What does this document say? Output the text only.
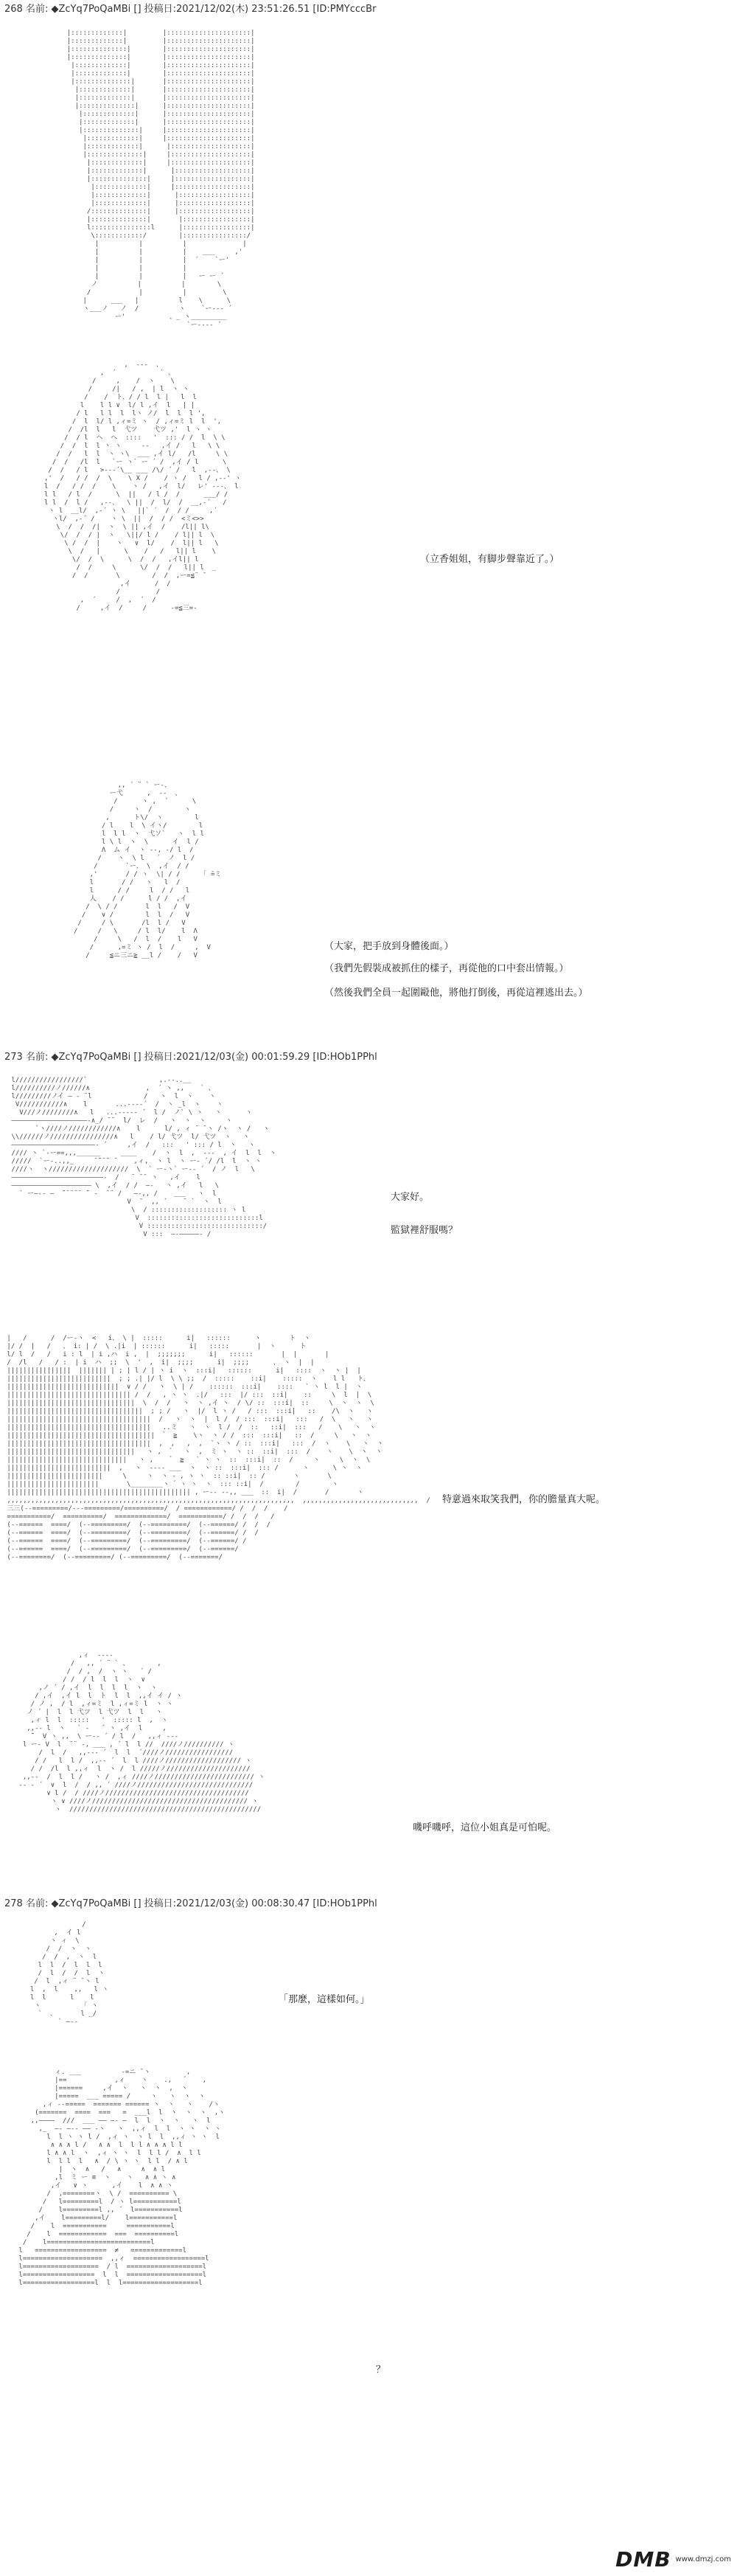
268 名前: ◆ZcYq7PoQaMBi [] 投稿日:2021/12/02(木) 23:51:26.51 [ID:PMYcccBr
|:::::::::::::|         |:::::::::::::::::::::|
|:::::::::::::|         |:::::::::::::::::::::|
|::::::::::::::|        |:::::::::::::::::::::|
|::::::::::::::|        |:::::::::::::::::::::|
|:::::::::::::|        |:::::::::::::::::::::|
|:::::::::::::|        |:::::::::::::::::::::|
|::::::::::::::|       |:::::::::::::::::::::|
|:::::::::::::|       |:::::::::::::::::::::|
|:::::::::::::|       |:::::::::::::::::::::|
|::::::::::::::|      |:::::::::::::::::::::|
|:::::::::::::|      |:::::::::::::::::::::|
|:::::::::::::|      |:::::::::::::::::::::|
|::::::::::::::|     |:::::::::::::::::::::|
|:::::::::::::|     |:::::::::::::::::::::|
|:::::::::::::|      |::::::::::::::::::::|
|::::::::::::::|     |::::::::::::::::::::|
|:::::::::::::|     |::::::::::::::::::::|
|:::::::::::::|      |:::::::::::::::::::|
|::::::::::::::|     |:::::::::::::::::::|
|:::::::::::::|     |:::::::::::::::::::|
|:::::::::::::|      |::::::::::::::::::|
|:::::::::::::|      |::::::::::::::::::|
/::::::::::::::|      |::::::::::::::::::|
|::::::::::::::|       |:::::::::::::::::|
l:::::::::::::::l      |:::::::::::::::::|
\::::::::::::/        |::::::::::::::::/
|          |          |              |
|          |          |    ___     ,'
|          |          |  ´    `ー'
|          |          |
|          |          |   ー ー ´
ノ          |          |        \
/            |          |         \
|      ___   |          l    \      \
ヽ___ノ   ノ  /          ヽ    `ー--- ´
ー'           、_ ヽ_________
`ー---- ´

,  ---  、
,  ´           ` 、
/     ,    /  ヽ    \
/     /|   / ,  | l  ヽ ヽ
/    /  ト、/ / l  l |   l  l
l    l l ∨  l/ l ,イ  l   | |
/ l   l l  l  lヽ ノ/  l  l  l ',
/  l  l/ l ,ィ=ミ ヽ  / ,ィ=ミ l  l  ',
/  /l  l   l  弋ツ    弋ツ ,'  l ヽ ヽ
/  / l  ヘ  ヘ  ::::   '  ::: / /  l  \ \
/  /  l  l ヽ ヽ     ‐‐   ,イ /   l   \ \
/  /   l  l  ヽ ヽ\  ___ ,イ l/   /l     \ \
/  /   /l  l   `ー ヽ` ー ´ /  ,イ / l      \
/  /   / l   >---´\__ ___ /\/ ´ /   l  ,--、 \
,'  /   / /  /  \    \ X /    / ヽ /   l / ,--' ヽ
l  /   / /  /    \    ヽ /   ,イ  l/   レ' ---、 l
l l   / l  /      \  ||   / l /  /      ___/ /
l l  /  l /   ,--、  \ ||  /  l/  /  __,-´   /
ヽ l  __l/  ,-´ ヽ \   ||` ´  /  / /     ,´
ヽl/  ,-´ /    ヽ \  ||  /  / /  <ミ<>>
\  /  /  /|  ヽ  \ || ,イ  /    /l|| l\
\/  /  / |  ヽ   \||/ l /    / l|| l  \
\ /  /  |    ヽ   ∨  l/    /  l|| l   \
\  /   |      \    /   /   l|| l    \
\/  /  \      \  /  /   ,イl|| l
/  /     \      \/  /  /   l|| l  _
/  /       \        /  /  ,ー=≦¨ ̄
,イ      /  /
/         /
,  ´     /  ,  ´  /
/     ,イ  /     /      -=≦三=-

（立香姐姐，有脚步聲靠近了。）
,, ´ ¨ ` ー-、
ー弋      ,  --  、
/      ヽ ,  ´      \
/     ヽ  /        ヽ
,      ト\/  ヽ        l
/ l    l  \ イヽ/        l
l  l l  ヽ  弋ソ`   ヽ  l l
l \ l  ヽ  \      イ  l /
Λ  ム イ  ヽ ‐-, -/ l  /
/    ヽ  \ l   ´  ノ  l /
/       `ー、 \  ,イ  / /
,'       / / ヽ  \| / /     「 ̄=ミ
l       / /   ヽ   l  /
l      / /     l  / /   l
人    / /      l / /  ,イ
/  \ / /       l  l   /  V
/    ∨ /        l  l  /   V
/     / \       /l  l /   V
/     /   \     / l  l/    l  Λ
/     \   /  l  /    l   V
/      ,=ミ ヽ /  l  /     ,  V
/     ≦ニ三ニ≧ __l /    /   V

（大家，把手放到身體後面。）
（我們先假裝成被抓住的樣子，再從他的口中套出情報。）
（然後我們全員一起圍毆他，將他打倒後，再從這裡逃出去。）
273 名前: ◆ZcYq7PoQaMBi [] 投稿日:2021/12/03(金) 00:01:59.29 [ID:HOb1PPhl
l/////////////////`                  ,.--..__
l//////////ノ//////∧              ,  ´ ヽ ,,    ` 、
l/////////ノイ ― ‐ ¨l             /   ヽ  l  ヽ    ヽ
V///////////∧    l       ...---‐´  /  ヽ _l  ヽ    ヽ
V///ノ////////∧   l   ...----- ´  l /  ノ` \ ヽ   ヽ      ヽ
―――――――――――――――――――‐∧_/ ̄ ̄   l/  レ  /   ヽ  ヽ  ヽ     ヽ
`ヽ////ノ////////////∧    l      l/ , ィ ¨ ̄ ヽ /ヽ  ヽ /   ヽ
\\//////ノ////////////////∧   l    / l/ 弋ツ  l/ 弋ツ  ヽ   ヽ
―――――――――――――――――――――‐ ´     ,イ  /   :::   ' ::: / l  ヽ   ヽ
//// ヽ `-ー==,,,______     ____    /  ヽ  l  ,  ‐‐-  , イ  l  l  ヽ
/////  `ー‐..,,_     ̄ ̄¨¨¨ ̄     ,ィ,  ヽ l  ヽ ー‐ ´/ /l  l  ヽ ヽ
////ヽ  ヽ////////////////////  \  ` ー-ヽ` ー‐- ´  / ノ  l   \
―――――――――――――――――――――――‐  /   ¨ ̄ ̄  ヽ   ,イ    l
―――――――――――――――――――― \  ,イ  / /  ―‐   ヽ ,イ   l   \
` ー―‐‐ ―  ̄¨¨¨¨¨ ̄¨ ‐  ̄ ¨ /   ―-,, /    ___   ヽ  l
V  ̄   ,, ´    ̄  `  ヽ  l
\  / ::::::::::::::::::: ヽ l
V  ::::::::::::::::::::::::::::l
V :::::::::::::::::::::::::::::/
V :::  ―‐―――――‐ /

大家好。
監獄裡舒服嗎？
|   /      /  /ー‐ヽ  <   i、 \ |  :::::      i|   ::::::      ヽ       ト  ヽ
|/ /  |   /   、 i: | /  \ .|i  | ::::::      i|   :::::       |  ヽ      ト
l/ l  /   /   i : l  | i ,ハ  i ,  |  ;;;;;;;      i|   ::::::       |  |       |
/  /l   /   / :  | i  ハ  ;;  \  '  ,  i|  ;;;;      i|  ;;;;      、 ヽ  |  |
||||||||||||||||  ||||||| | ; | l / | ヽ i  ヽ  :::i|   ::::::      i|   ::::  ヽ  ヽ |  |
||||||||||||||||||||||||||  ; ; .| |/ l  \ \ ;;  /  :::::    ::i|    :::::  ヽ    l l   ト、
||||||||||||||||||||||||||||  ∨ / /   ヽ  \ | /    ::::::  :::i|    ::::   ` ヽ l  l |  ヽ
||||||||||||||||||||||||||||||| /  /   , ヽ ヽ  .|/   :::  |/ :::  ::i|    ::     \  l  |  \
||||||||||||||||||||||||||||||||  \  /  /   ヽ  ヽ ,イ ヽ  / \/ ::  :::i|  ::     \  ヽ  ヽ  \
||||||||||||||||||||||||||||||||||  ; ; /   ヽ  |/  l ヽ /   / :::  :::i|   ::    /\  ヽ   ヽ
||||||||||||||||||||||||||||||||||||  /   ヽ  ヽ  |  l /  / :::  :::i|   :::   /  \   ヽ   ヽ
||||||||||||||||||||||||||||||||||||   ..ミ   ヽ  ヽ  l /  /  ::   ::i|  :::   /    \   ヽ  ヽ
|||||||||||||||||||||||||||||||||||||  ゛ ≧    \ヽ  ヽ / /  :::  :::i|   ::  /     \   ヽ  ヽ
||||||||||||||||||||||||||||||||||||  ,  ,   ,  ,  `ヽ ヽ / ::  :::i|   :::  /  ヽ    \   ヽ  ヽ
||||||||||||||||||||||||||||||||   ヽ ,  ゛  ヽ  ,  ミ ヽ  ヽ ::  ::i|  :::  /    ヽ    \  ヽ  ヽ
||||||||||||||||||||||||||||||   ヽ ,    ゛ ≧   ` ヽ ヽ  ::  :::i|  ::  /     ヽ     \  ヽ  \
||||||||||||||||||||||||||  ,   ヽ  ‐‐-- ___  ヽ  ヽ ::  :::i|  ::: /      ヽ      \ ヽ  ヽ
||||||||||||||||||||||||     \     ヽ  ヽ ‐ , ヽ ヽ  :: ::i|  :: /       ヽ       \
|||||||||||||||||||||||       \________ヽ ゛ヽ ヽ  ヽ  ::: ::i|  /        /        ヽ
|||||||||||||||||||||||||||||||||||||||||||||| , ー‐‐ --,, ___  ::  i|  /       /       ヽ
,,,,,,,,,,,,,,,,,,,,,,,,,,,,,,,,,,,,,,,,,,,,,,,,,,,,,,,,,,,,,,,,,,,,,,,,  ,,,,,,,,,,,,,,,,,,,,,,,,,,,,,  /      /         \
三三(--=========/---=========/==========/  / ============/ /  /  /    /
===========/  ==========/  =============/  ===========/ /  /  /   /
(--======  ====/  (--=========/  (--=========/  (--======/ /  /  /
(--======  ====/  (--=========/  (--=========/  (--======/ /  /
(--======  ====/  (--=========/  (--=========/  (--======/ /
(--======  ====/  (--=========/  (--=========/  (--======/
(--========/  (--=========/ (--=========/  (--=======/

特意過來取笑我們，你的膽量真大呢。
,ィ  ‐‐‐‐
/   ,, ´ ¨ ` 、       ,
/  / ,  /  ヽ ヽ   ´ /
/ /  / l  l  l  ヽ  ∨
,ノ ´ / ,イ  l  l  l  l  ヽ  ヽ
/ ,イ  ,イ l  l  ト  l  l  ,,イ イ / ヽ
/ ノ ,  / l  ,ィ=ミ  l ,ィ=ミ l  ヽ ヽ
ノ ´ |  l  l 弋ツ  l 弋ツ  l  l   ヽ
,ィ l  l  :::::   '  ::::: l  ,  ヽ
,,-- l  ヽ   ` ‐   ´ ヽ ,イ  l     ,
̄¨  V ヽ ,,  \ ー-‐ ´ / l  /   ,,ィ ‐‐‐
l ー‐ V  l  ¨¨ ‐, ___ , ´ l  l //  ////ノ////////// ヽ
/  l  /   ,,--- ´  l  l  ´////ノ/////////////////
/ /   l  l /  ,,-- ´  l  l ////ノ/////////////////// ヽ
/ /  /l  l ,,ィ  l  ヽ /  l /////ノ/////////////////////
,,-‐  /  l  l /   ヽ /  ,ィ ////ノ///////////////////////// ヽ
-- ‐ ´  ∨  l  /  / ,, ´ ////ノ/////////////////////////////
∨ l /  / ////ノ////////////////////////////////////
ヽ ∨ ////ノ/////////////////////////////////////// ヽ
ヽ  ////////////////////////////////////////////////

嘰呼嘰呼，這位小姐真是可怕呢。
278 名前: ◆ZcYq7PoQaMBi [] 投稿日:2021/12/03(金) 00:08:30.47 [ID:HOb1PPhl
/
,  イ l
ヽ ィ  \
/  /  ヽ  ヽ
/  /  ,  ヽ  l
l  l  /  l  l  l
/  l  /  /  l  ヽ
/  l  ,ィ ¨ ̄ ヽ l
l  ,  l    ,,   l ヽ
l  l      l    l
ヽ          「 ヽ
`  、      l _/
` ―‐‐

「那麼，這樣如何。」
ィ. ___          ‐=ニ ̄ ヽ         ,
|==            ,ィ    ヽ    .,   ゛   ,
|======     ,イ  ヽ   ヽ  ヽ  ,  ヽ
|=====  ___ ===== /     ヽ   ヽ  ヽ  ヽ
,ィ ‐‐=====  ======= ====== ヽ  ヽ   ヽ    /ヽ
(=======  ====  ===   =  ___l  l  ヽ  ヽ  ヽ  ,ヽ
,,――――  ///  ___ ―― ―‐ ―  l  l  ヽ  ヽ   ヽ  l
,_  ―‐ ―‐‐ ―― ‐ヽ   ヽ  ,,ィ  l  l  ヽ ヽ  ヽ ヽ
l  l ヽ ヽ l /  ,ィ ヽ  ヽ l  l  ,,ィ ヽ ヽ  l
∧ ∧ ∧ l /   ∧ ∧  l  l l ∧ ∧ ∧ l l
l ∧ ∧ l  ヽ  ,ィ ヽ ヽ  l  l l /  ∧  l l
l  l l  l   ∧  / \ ヽ ヽ  l l  / ∧ l
|  ヽ  ∧   /   ∧     ∧  ∧ l
,l  ミ ー ≡  ヽ    ヽ   ∧ ∧ ヽ ∧
,イ   ∨ ヽ      ,イ    l  ∧ ∧ ヽ
/  ,========ヽ  \ /  ========== \
/   l=========l  / ヽ l===========l
/    l=========l ,, ´  l===========l
,イ    l=========l/    l===========l
/    l  ===========     ===========l
/    l  ============  ===  ==========l
/    l==========================l
l   ==================  ≠   =============l
l====================  ,,ィ  ==================l
l===================  / l  ===================l
l==================  l  l  ===================l
l==================l  l  l===================l

？
DMB www.dmzj.com
